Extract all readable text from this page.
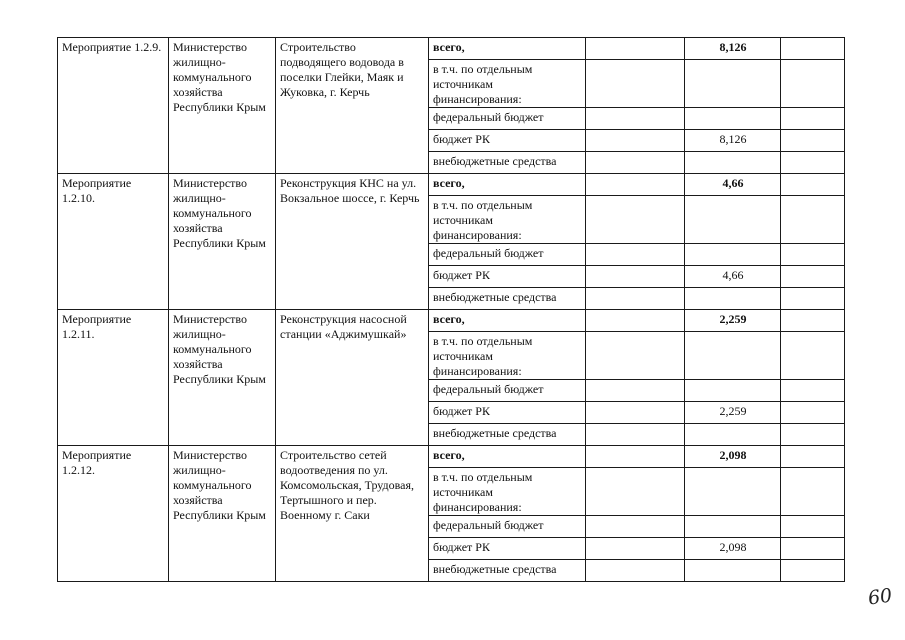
Мероприятие 1.2.9.	Министерство жилищно-коммунального хозяйства Республики Крым	Строительство подводящего водовода в поселки Глейки, Маяк и Жуковка, г. Керчь	всего,		8,126	
			в т.ч. по отдельным источникам финансирования:			
			федеральный бюджет			
			бюджет РК		8,126	
			внебюджетные средства			
Мероприятие 1.2.10.	Министерство жилищно-коммунального хозяйства Республики Крым	Реконструкция КНС на ул. Вокзальное шоссе, г. Керчь	всего,		4,66	
			в т.ч. по отдельным источникам финансирования:			
			федеральный бюджет			
			бюджет РК		4,66	
			внебюджетные средства			
Мероприятие 1.2.11.	Министерство жилищно-коммунального хозяйства Республики Крым	Реконструкция насосной станции «Аджимушкай»	всего,		2,259	
			в т.ч. по отдельным источникам финансирования:			
			федеральный бюджет			
			бюджет РК		2,259	
			внебюджетные средства			
Мероприятие 1.2.12.	Министерство жилищно-коммунального хозяйства Республики Крым	Строительство сетей водоотведения по ул. Комсомольская, Трудовая, Тертышного и пер. Военному г. Саки	всего,		2,098	
			в т.ч. по отдельным источникам финансирования:			
			федеральный бюджет			
			бюджет РК		2,098	
			внебюджетные средства			
60
